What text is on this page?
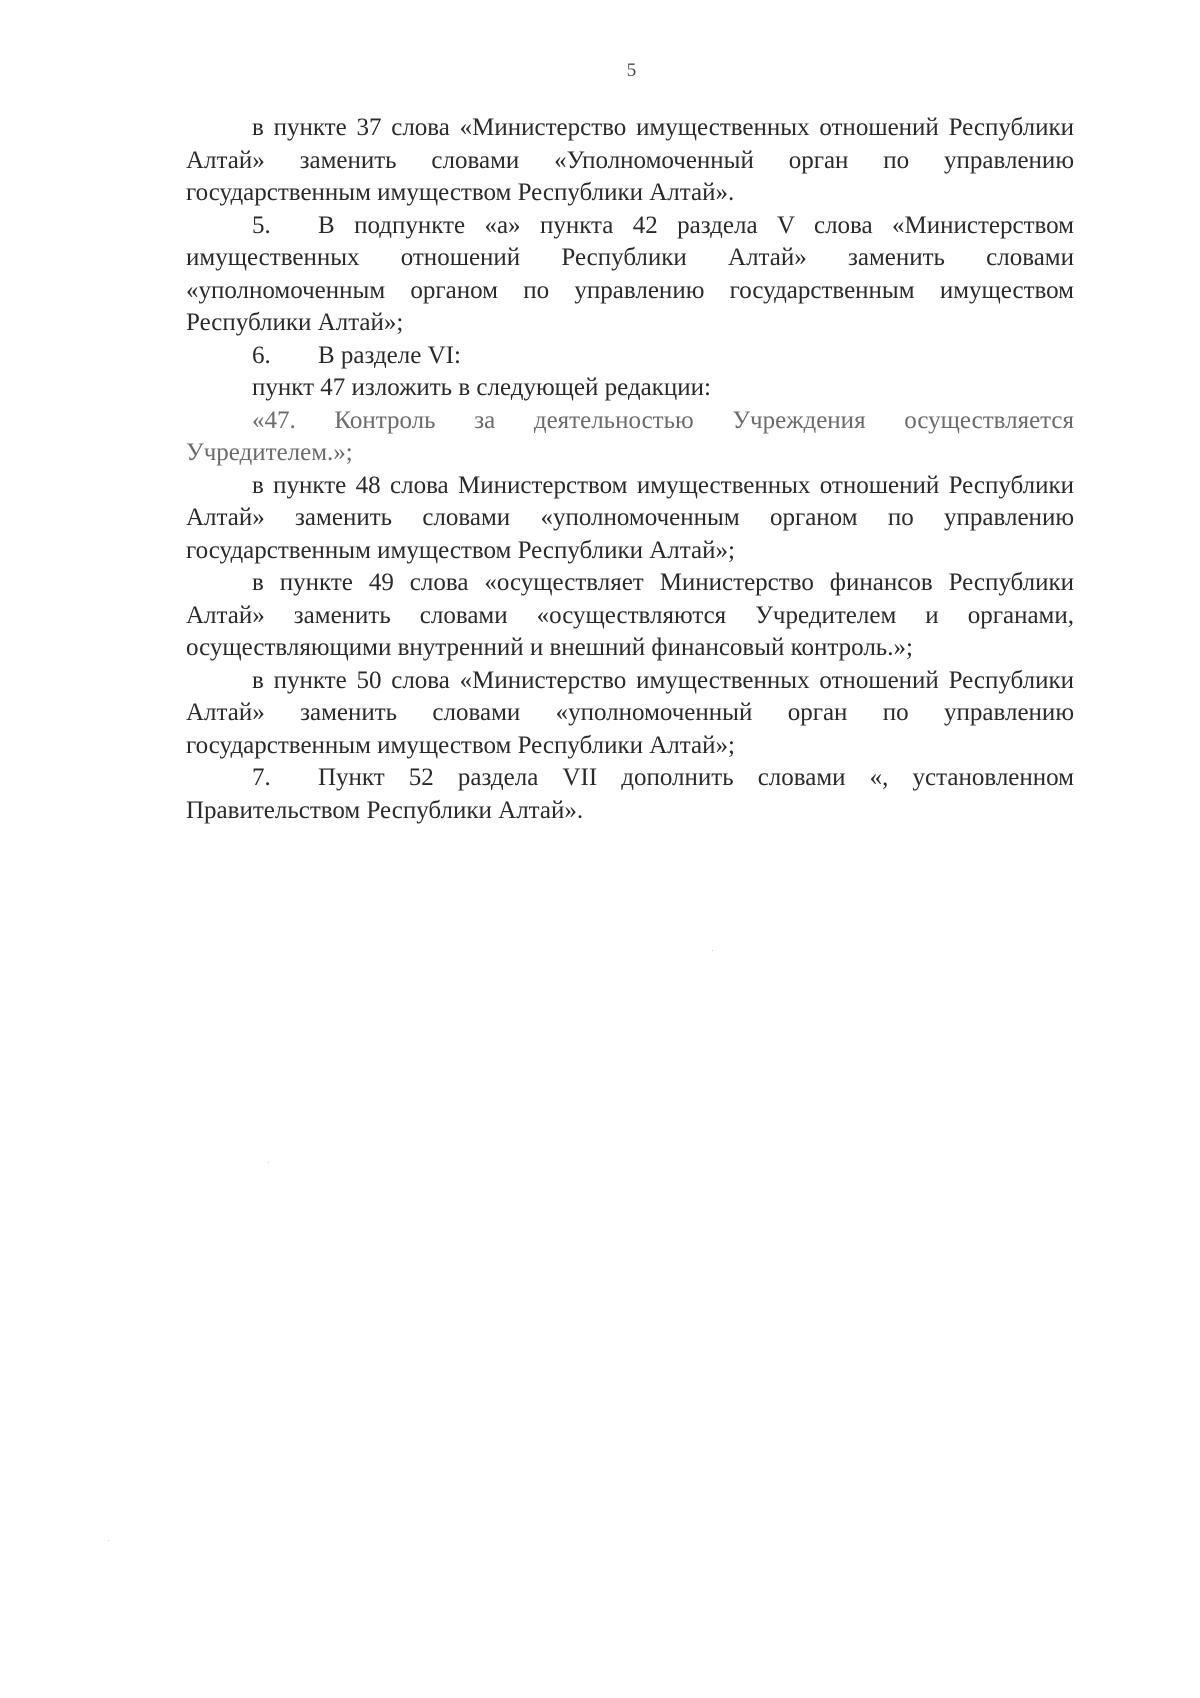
5

в пункте 37 слова «Министерство имущественных отношений Республики Алтай» заменить словами «Уполномоченный орган по управлению государственным имуществом Республики Алтай».

5. В подпункте «а» пункта 42 раздела V слова «Министерством имущественных отношений Республики Алтай» заменить словами «уполномоченным органом по управлению государственным имуществом Республики Алтай»;

6. В разделе VI:

пункт 47 изложить в следующей редакции:

«47. Контроль за деятельностью Учреждения осуществляется Учредителем.»;

в пункте 48 слова Министерством имущественных отношений Республики Алтай» заменить словами «уполномоченным органом по управлению государственным имуществом Республики Алтай»;

в пункте 49 слова «осуществляет Министерство финансов Республики Алтай» заменить словами «осуществляются Учредителем и органами, осуществляющими внутренний и внешний финансовый контроль.»;

в пункте 50 слова «Министерство имущественных отношений Республики Алтай» заменить словами «уполномоченный орган по управлению государственным имуществом Республики Алтай»;

7. Пункт 52 раздела VII дополнить словами «, установленном Правительством Республики Алтай».
